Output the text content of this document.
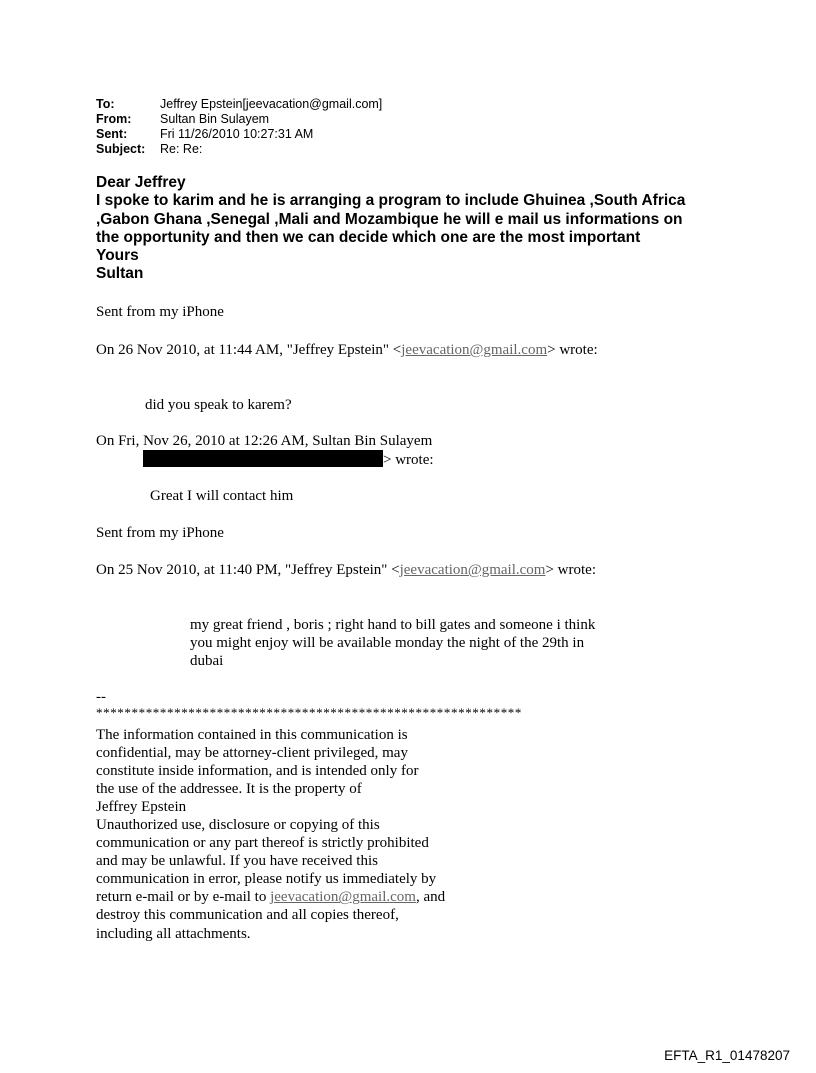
To:	Jeffrey Epstein[jeevacation@gmail.com]
From:	Sultan Bin Sulayem
Sent:	Fri 11/26/2010 10:27:31 AM
Subject:	Re: Re:
Dear Jeffrey
I spoke to karim and he is arranging a program to include Ghuinea ,South Africa
,Gabon Ghana ,Senegal ,Mali and Mozambique he will e mail us informations on
the opportunity and then we can decide which one are the most important
Yours
Sultan
Sent from my iPhone
On 26 Nov 2010, at 11:44 AM, "Jeffrey Epstein" <jeevacation@gmail.com> wrote:
did you speak to karem?
On Fri, Nov 26, 2010 at 12:26 AM, Sultan Bin Sulayem
> wrote:
Great I will contact him
Sent from my iPhone
On 25 Nov 2010, at 11:40 PM, "Jeffrey Epstein" <jeevacation@gmail.com> wrote:
my great friend , boris ; right hand to bill gates and someone i think
you might enjoy will be available monday the night of the 29th in
dubai
--
************************************************************
The information contained in this communication is
confidential, may be attorney-client privileged, may
constitute inside information, and is intended only for
the use of the addressee. It is the property of
Jeffrey Epstein
Unauthorized use, disclosure or copying of this
communication or any part thereof is strictly prohibited
and may be unlawful. If you have received this
communication in error, please notify us immediately by
return e-mail or by e-mail to jeevacation@gmail.com, and
destroy this communication and all copies thereof,
including all attachments.
EFTA_R1_01478207
